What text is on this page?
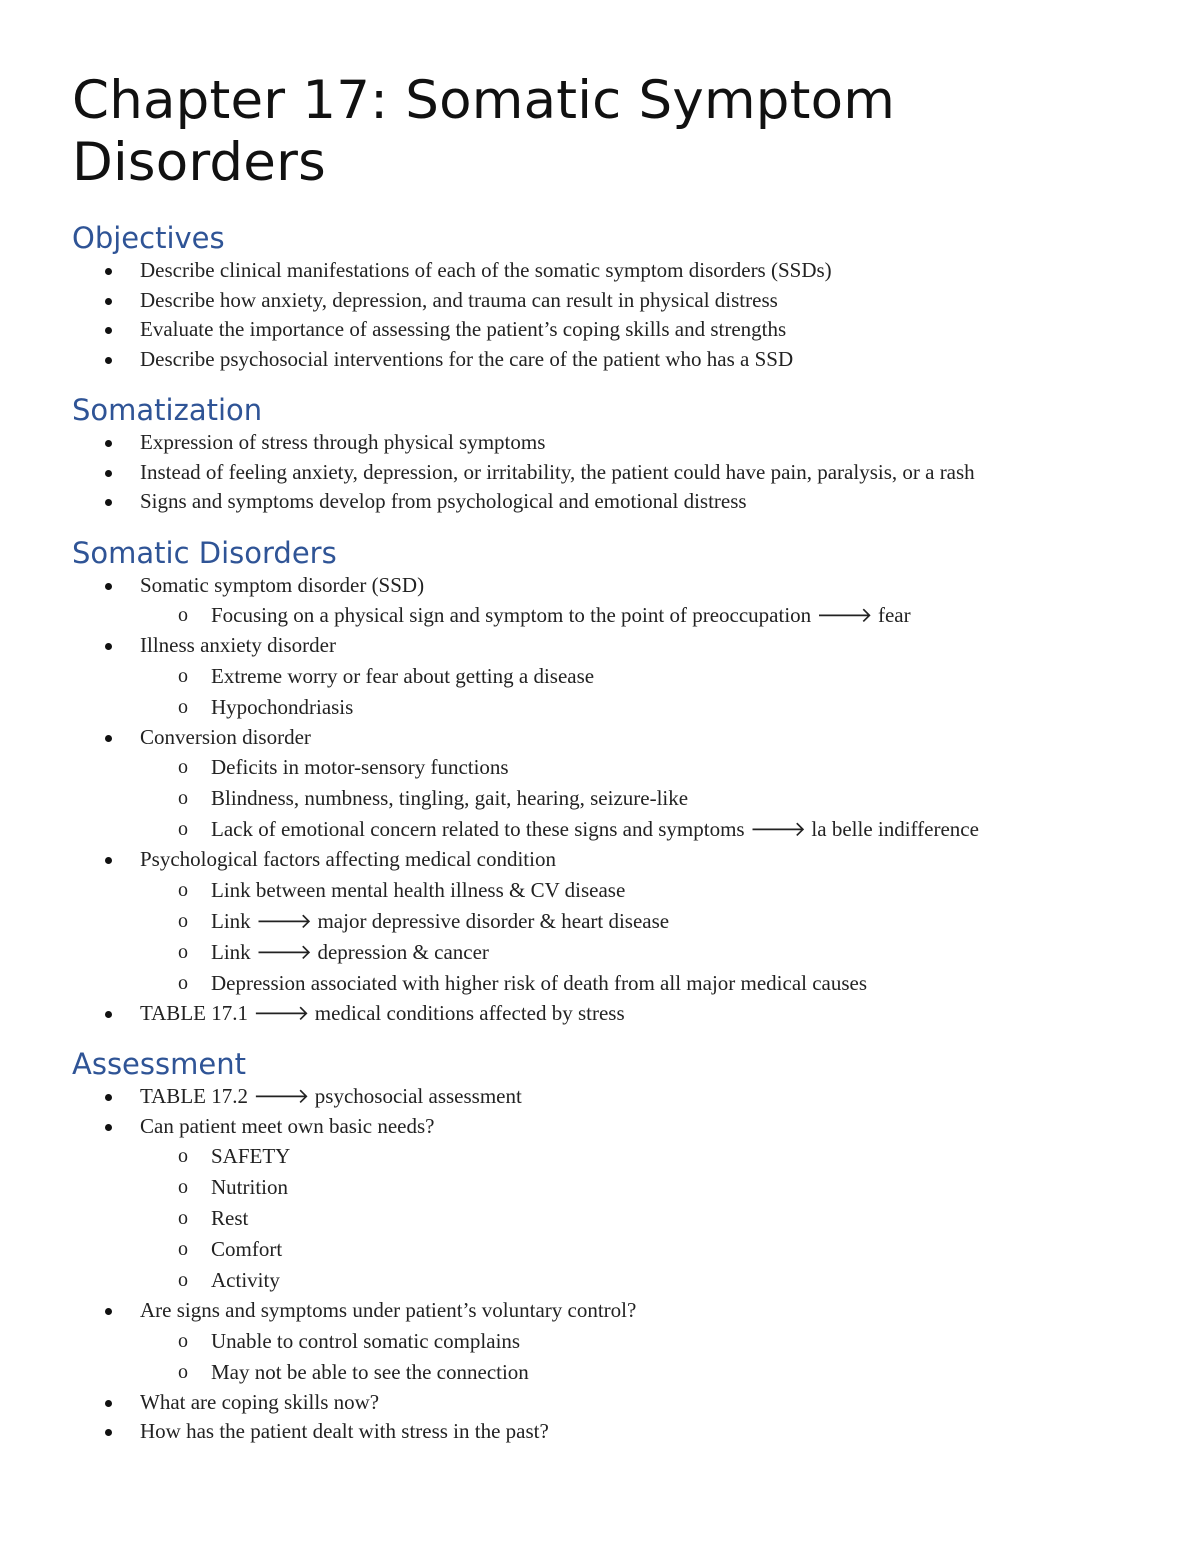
Chapter 17: Somatic Symptom Disorders
Objectives
Describe clinical manifestations of each of the somatic symptom disorders (SSDs)
Describe how anxiety, depression, and trauma can result in physical distress
Evaluate the importance of assessing the patient’s coping skills and strengths
Describe psychosocial interventions for the care of the patient who has a SSD
Somatization
Expression of stress through physical symptoms
Instead of feeling anxiety, depression, or irritability, the patient could have pain, paralysis, or a rash
Signs and symptoms develop from psychological and emotional distress
Somatic Disorders
Somatic symptom disorder (SSD)
o Focusing on a physical sign and symptom to the point of preoccupation 🡒 fear
Illness anxiety disorder
o Extreme worry or fear about getting a disease
o Hypochondriasis
Conversion disorder
o Deficits in motor-sensory functions
o Blindness, numbness, tingling, gait, hearing, seizure-like
o Lack of emotional concern related to these signs and symptoms 🡒 la belle indifference
Psychological factors affecting medical condition
o Link between mental health illness & CV disease
o Link 🡒 major depressive disorder & heart disease
o Link 🡒 depression & cancer
o Depression associated with higher risk of death from all major medical causes
TABLE 17.1 🡒 medical conditions affected by stress
Assessment
TABLE 17.2 🡒 psychosocial assessment
Can patient meet own basic needs?
o SAFETY
o Nutrition
o Rest
o Comfort
o Activity
Are signs and symptoms under patient’s voluntary control?
o Unable to control somatic complains
o May not be able to see the connection
What are coping skills now?
How has the patient dealt with stress in the past?
